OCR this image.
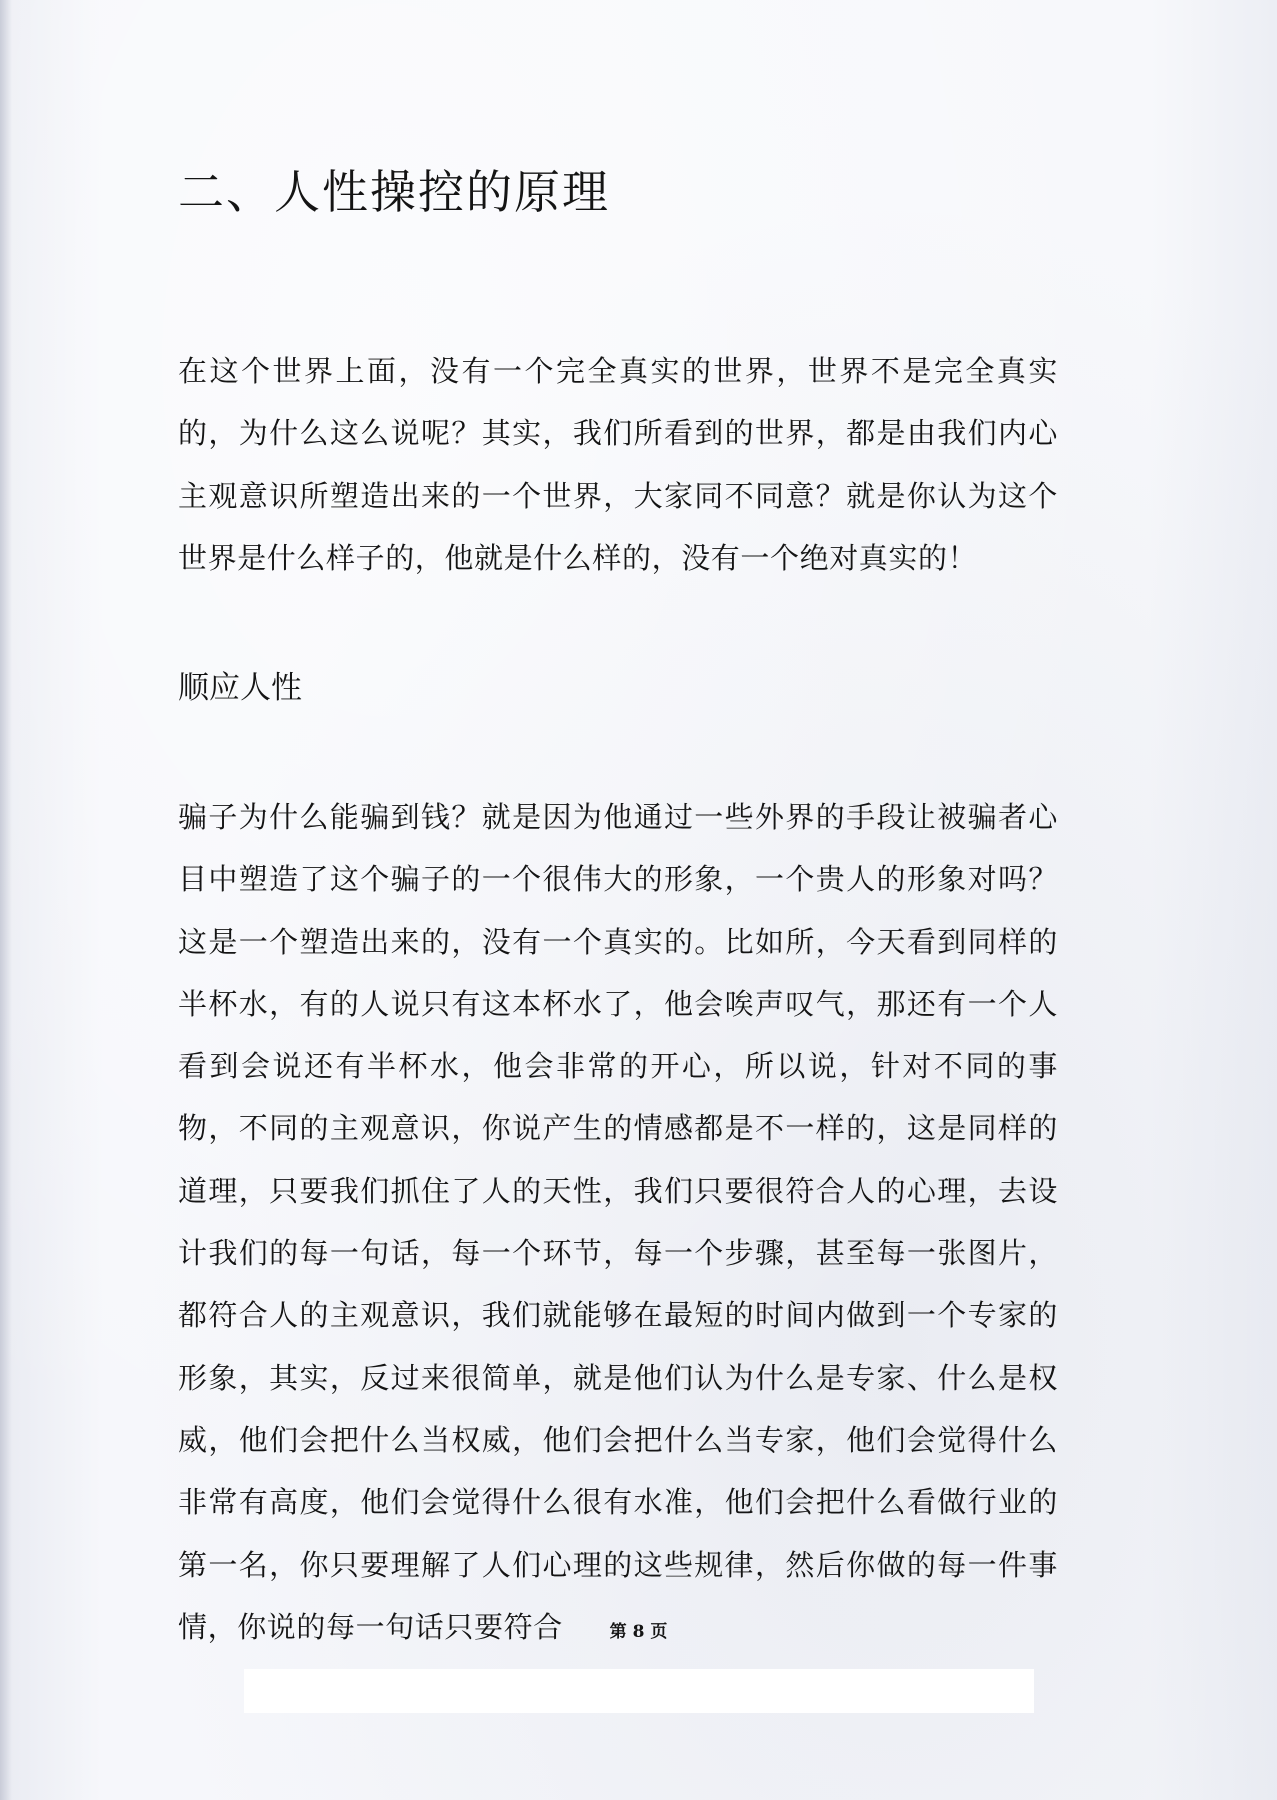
二、人性操控的原理

在这个世界上面，没有一个完全真实的世界，世界不是完全真实的，为什么这么说呢？其实，我们所看到的世界，都是由我们内心主观意识所塑造出来的一个世界，大家同不同意？就是你认为这个世界是什么样子的，他就是什么样的，没有一个绝对真实的！

顺应人性

骗子为什么能骗到钱？就是因为他通过一些外界的手段让被骗者心目中塑造了这个骗子的一个很伟大的形象，一个贵人的形象对吗？这是一个塑造出来的，没有一个真实的。比如所，今天看到同样的半杯水，有的人说只有这本杯水了，他会唉声叹气，那还有一个人看到会说还有半杯水，他会非常的开心，所以说，针对不同的事物，不同的主观意识，你说产生的情感都是不一样的，这是同样的道理，只要我们抓住了人的天性，我们只要很符合人的心理，去设计我们的每一句话，每一个环节，每一个步骤，甚至每一张图片，都符合人的主观意识，我们就能够在最短的时间内做到一个专家的形象，其实，反过来很简单，就是他们认为什么是专家、什么是权威，他们会把什么当权威，他们会把什么当专家，他们会觉得什么非常有高度，他们会觉得什么很有水准，他们会把什么看做行业的第一名，你只要理解了人们心理的这些规律，然后你做的每一件事情，你说的每一句话只要符合	第 8 页
